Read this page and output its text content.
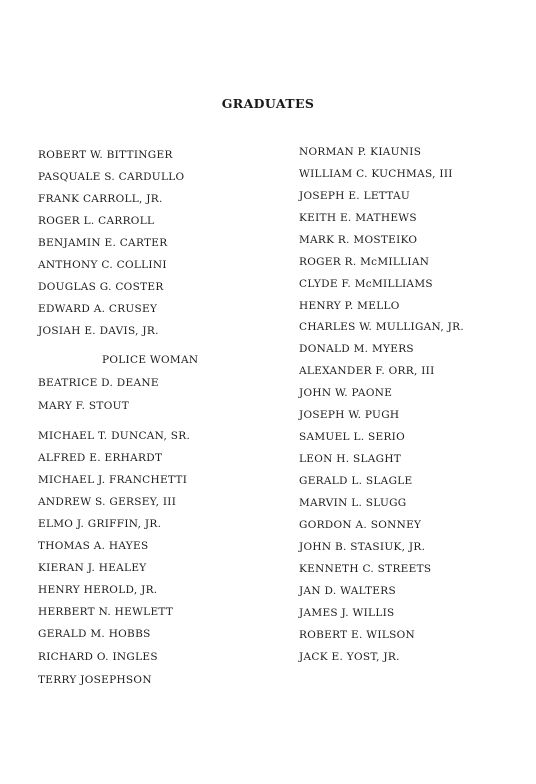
GRADUATES
ROBERT W. BITTINGER
PASQUALE S. CARDULLO
FRANK CARROLL, JR.
ROGER L. CARROLL
BENJAMIN E. CARTER
ANTHONY C. COLLINI
DOUGLAS G. COSTER
EDWARD A. CRUSEY
JOSIAH E. DAVIS, JR.
POLICE WOMAN
BEATRICE D. DEANE
MARY F. STOUT
MICHAEL T. DUNCAN, SR.
ALFRED E. ERHARDT
MICHAEL J. FRANCHETTI
ANDREW S. GERSEY, III
ELMO J. GRIFFIN, JR.
THOMAS A. HAYES
KIERAN J. HEALEY
HENRY HEROLD, JR.
HERBERT N. HEWLETT
GERALD M. HOBBS
RICHARD O. INGLES
TERRY JOSEPHSON
NORMAN P. KIAUNIS
WILLIAM C. KUCHMAS, III
JOSEPH E. LETTAU
KEITH E. MATHEWS
MARK R. MOSTEIKO
ROGER R. McMILLIAN
CLYDE F. McMILLIAMS
HENRY P. MELLO
CHARLES W. MULLIGAN, JR.
DONALD M. MYERS
ALEXANDER F. ORR, III
JOHN W. PAONE
JOSEPH W. PUGH
SAMUEL L. SERIO
LEON H. SLAGHT
GERALD L. SLAGLE
MARVIN L. SLUGG
GORDON A. SONNEY
JOHN B. STASIUK, JR.
KENNETH C. STREETS
JAN D. WALTERS
JAMES J. WILLIS
ROBERT E. WILSON
JACK E. YOST, JR.
